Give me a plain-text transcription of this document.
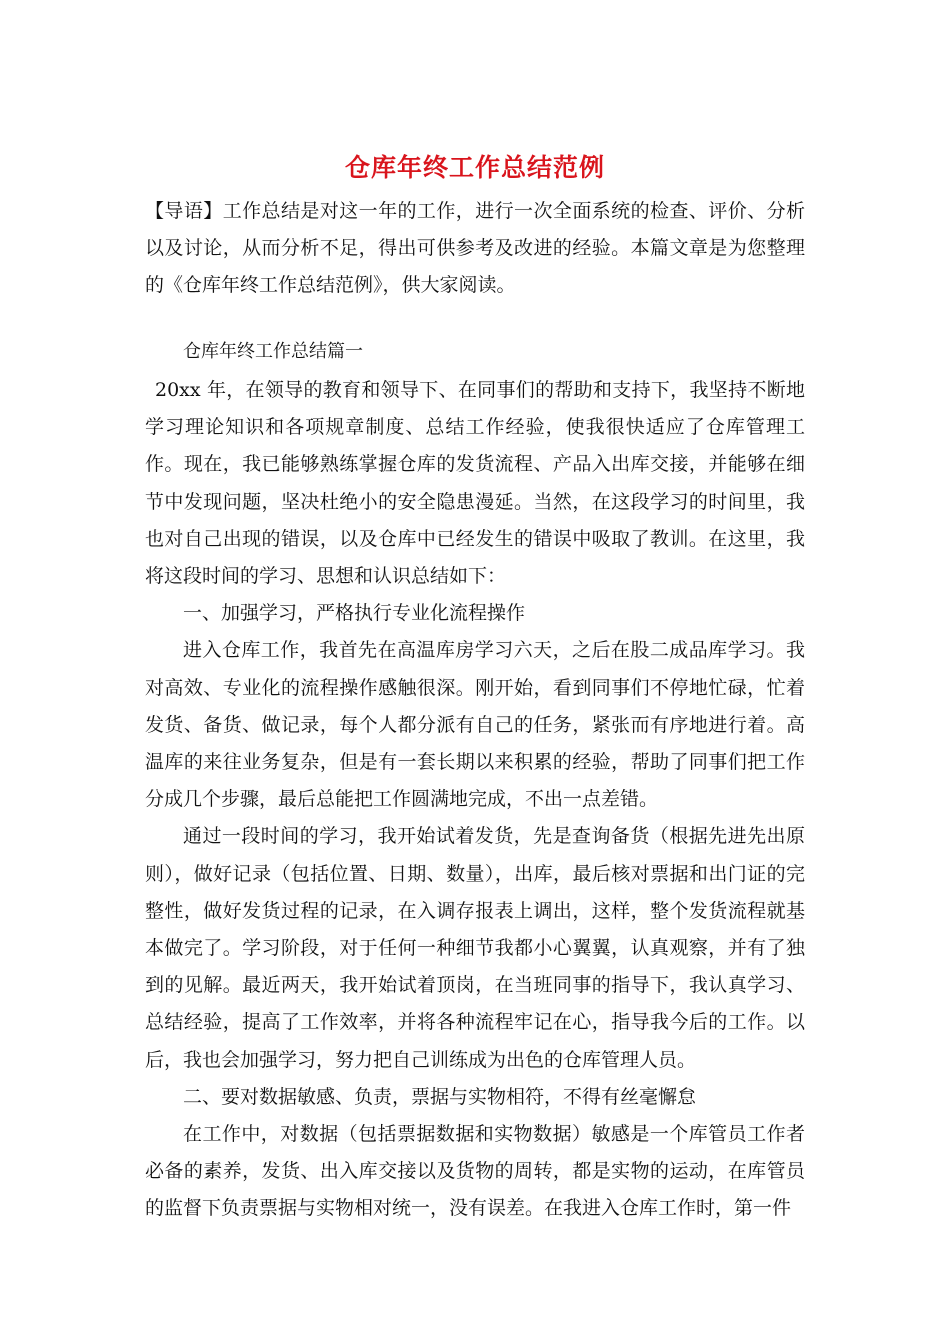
仓库年终工作总结范例
【导语】工作总结是对这一年的工作，进行一次全面系统的检查、评价、分析以及讨论，从而分析不足，得出可供参考及改进的经验。本篇文章是为您整理的《仓库年终工作总结范例》，供大家阅读。
仓库年终工作总结篇一

20xx 年，在领导的教育和领导下、在同事们的帮助和支持下，我坚持不断地学习理论知识和各项规章制度、总结工作经验，使我很快适应了仓库管理工作。现在，我已能够熟练掌握仓库的发货流程、产品入出库交接，并能够在细节中发现问题，坚决杜绝小的安全隐患漫延。当然，在这段学习的时间里，我也对自己出现的错误，以及仓库中已经发生的错误中吸取了教训。在这里，我将这段时间的学习、思想和认识总结如下：

一、加强学习，严格执行专业化流程操作

进入仓库工作，我首先在高温库房学习六天，之后在股二成品库学习。我对高效、专业化的流程操作感触很深。刚开始，看到同事们不停地忙碌，忙着发货、备货、做记录，每个人都分派有自己的任务，紧张而有序地进行着。高温库的来往业务复杂，但是有一套长期以来积累的经验，帮助了同事们把工作分成几个步骤，最后总能把工作圆满地完成，不出一点差错。

通过一段时间的学习，我开始试着发货，先是查询备货（根据先进先出原则），做好记录（包括位置、日期、数量），出库，最后核对票据和出门证的完整性，做好发货过程的记录，在入调存报表上调出，这样，整个发货流程就基本做完了。学习阶段，对于任何一种细节我都小心翼翼，认真观察，并有了独到的见解。最近两天，我开始试着顶岗，在当班同事的指导下，我认真学习、总结经验，提高了工作效率，并将各种流程牢记在心，指导我今后的工作。以后，我也会加强学习，努力把自己训练成为出色的仓库管理人员。

二、要对数据敏感、负责，票据与实物相符，不得有丝毫懈怠

在工作中，对数据（包括票据数据和实物数据）敏感是一个库管员工作者必备的素养，发货、出入库交接以及货物的周转，都是实物的运动，在库管员的监督下负责票据与实物相对统一，没有误差。在我进入仓库工作时，第一件
